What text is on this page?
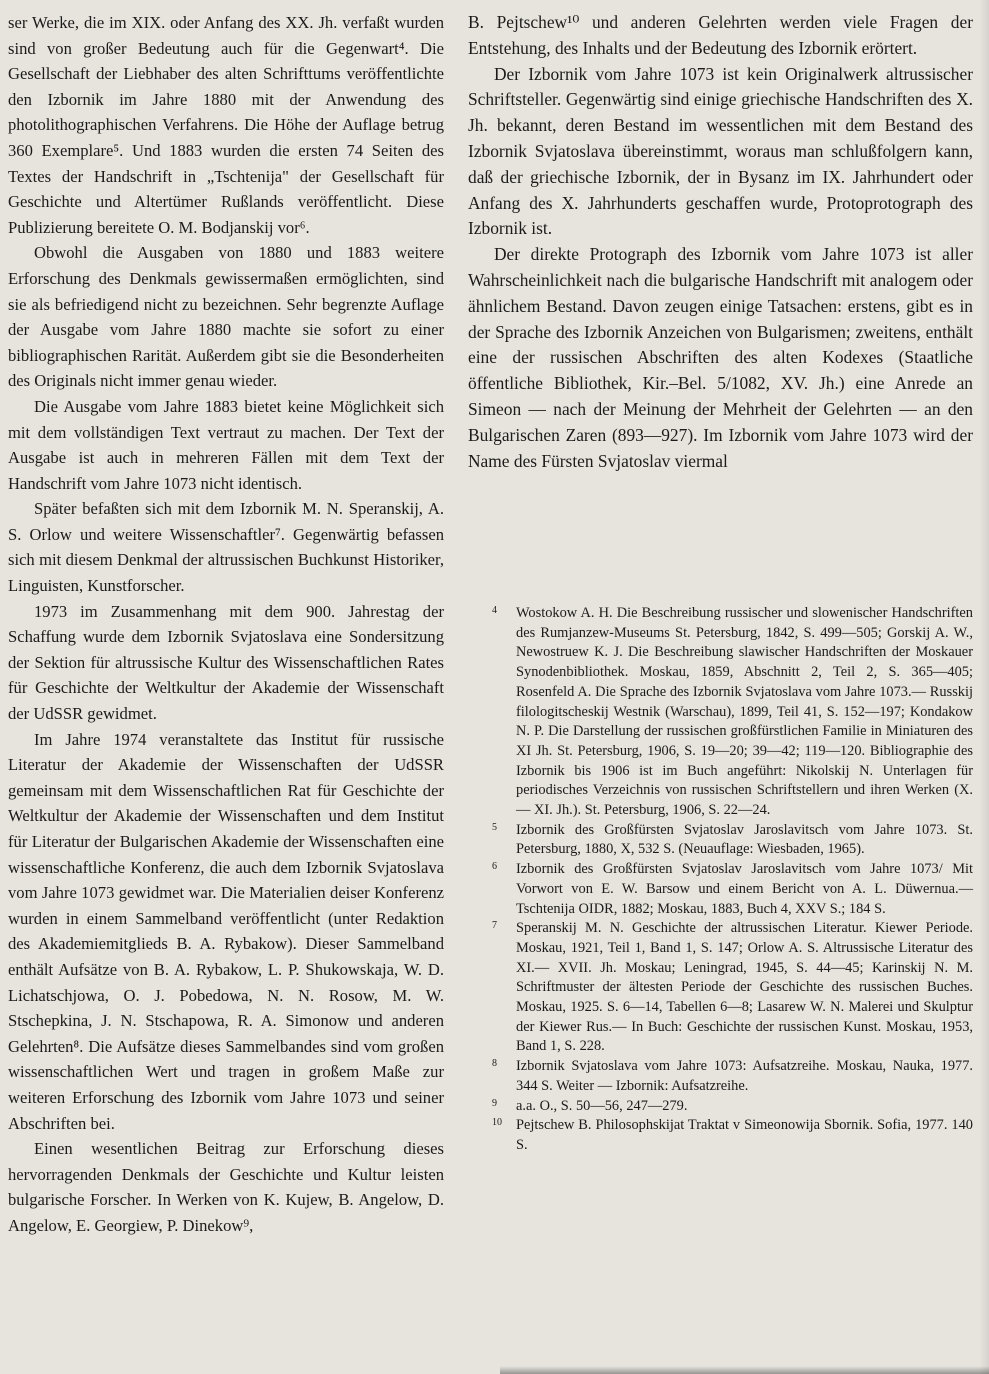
ser Werke, die im XIX. oder Anfang des XX. Jh. verfaßt wurden sind von großer Bedeutung auch für die Gegenwart⁴. Die Gesellschaft der Liebhaber des alten Schrifttums veröffentlichte den Izbornik im Jahre 1880 mit der Anwendung des photolithographischen Verfahrens. Die Höhe der Auflage betrug 360 Exemplare⁵. Und 1883 wurden die ersten 74 Seiten des Textes der Handschrift in „Tschtenija" der Gesellschaft für Geschichte und Altertümer Rußlands veröffentlicht. Diese Publizierung bereitete O. M. Bodjanskij vor⁶.

Obwohl die Ausgaben von 1880 und 1883 weitere Erforschung des Denkmals gewissermaßen ermöglichten, sind sie als befriedigend nicht zu bezeichnen. Sehr begrenzte Auflage der Ausgabe vom Jahre 1880 machte sie sofort zu einer bibliographischen Rarität. Außerdem gibt sie die Besonderheiten des Originals nicht immer genau wieder.

Die Ausgabe vom Jahre 1883 bietet keine Möglichkeit sich mit dem vollständigen Text vertraut zu machen. Der Text der Ausgabe ist auch in mehreren Fällen mit dem Text der Handschrift vom Jahre 1073 nicht identisch.

Später befaßten sich mit dem Izbornik M. N. Speranskij, A. S. Orlow und weitere Wissenschaftler⁷. Gegenwärtig befassen sich mit diesem Denkmal der altrussischen Buchkunst Historiker, Linguisten, Kunstforscher.

1973 im Zusammenhang mit dem 900. Jahrestag der Schaffung wurde dem Izbornik Svjatoslava eine Sondersitzung der Sektion für altrussische Kultur des Wissenschaftlichen Rates für Geschichte der Weltkultur der Akademie der Wissenschaft der UdSSR gewidmet.

Im Jahre 1974 veranstaltete das Institut für russische Literatur der Akademie der Wissenschaften der UdSSR gemeinsam mit dem Wissenschaftlichen Rat für Geschichte der Weltkultur der Akademie der Wissenschaften und dem Institut für Literatur der Bulgarischen Akademie der Wissenschaften eine wissenschaftliche Konferenz, die auch dem Izbornik Svjatoslava vom Jahre 1073 gewidmet war. Die Materialien deiser Konferenz wurden in einem Sammelband veröffentlicht (unter Redaktion des Akademiemitglieds B. A. Rybakow). Dieser Sammelband enthält Aufsätze von B. A. Rybakow, L. P. Shukowskaja, W. D. Lichatschjowa, O. J. Pobedowa, N. N. Rosow, M. W. Stschepkina, J. N. Stschapowa, R. A. Simonow und anderen Gelehrten⁸. Die Aufsätze dieses Sammelbandes sind vom großen wissenschaftlichen Wert und tragen in großem Maße zur weiteren Erforschung des Izbornik vom Jahre 1073 und seiner Abschriften bei.

Einen wesentlichen Beitrag zur Erforschung dieses hervorragenden Denkmals der Geschichte und Kultur leisten bulgarische Forscher. In Werken von K. Kujew, B. Angelow, D. Angelow, E. Georgiew, P. Dinekow⁹,

B. Pejtschew¹⁰ und anderen Gelehrten werden viele Fragen der Entstehung, des Inhalts und der Bedeutung des Izbornik erörtert.

Der Izbornik vom Jahre 1073 ist kein Originalwerk altrussischer Schriftsteller. Gegenwärtig sind einige griechische Handschriften des X. Jh. bekannt, deren Bestand im wessentlichen mit dem Bestand des Izbornik Svjatoslava übereinstimmt, woraus man schlußfolgern kann, daß der griechische Izbornik, der in Bysanz im IX. Jahrhundert oder Anfang des X. Jahrhunderts geschaffen wurde, Protoprotograph des Izbornik ist.

Der direkte Protograph des Izbornik vom Jahre 1073 ist aller Wahrscheinlichkeit nach die bulgarische Handschrift mit analogem oder ähnlichem Bestand. Davon zeugen einige Tatsachen: erstens, gibt es in der Sprache des Izbornik Anzeichen von Bulgarismen; zweitens, enthält eine der russischen Abschriften des alten Kodexes (Staatliche öffentliche Bibliothek, Kir.–Bel. 5/1082, XV. Jh.) eine Anrede an Simeon — nach der Meinung der Mehrheit der Gelehrten — an den Bulgarischen Zaren (893—927). Im Izbornik vom Jahre 1073 wird der Name des Fürsten Svjatoslav viermal

4 Wostokow A. H. Die Beschreibung russischer und slowenischer Handschriften des Rumjanzew-Museums St. Petersburg, 1842, S. 499—505; Gorskij A. W., Newostruew K. J. Die Beschreibung slawischer Handschriften der Moskauer Synodenbibliothek. Moskau, 1859, Abschnitt 2, Teil 2, S. 365—405; Rosenfeld A. Die Sprache des Izbornik Svjatoslava vom Jahre 1073.— Russkij filologitscheskij Westnik (Warschau), 1899, Teil 41, S. 152—197; Kondakow N. P. Die Darstellung der russischen großfürstlichen Familie in Miniaturen des XI Jh. St. Petersburg, 1906, S. 19—20; 39—42; 119—120. Bibliographie des Izbornik bis 1906 ist im Buch angeführt: Nikolskij N. Unterlagen für periodisches Verzeichnis von russischen Schriftstellern und ihren Werken (X.— XI. Jh.). St. Petersburg, 1906, S. 22—24.
5 Izbornik des Großfürsten Svjatoslav Jaroslavitsch vom Jahre 1073. St. Petersburg, 1880, X, 532 S. (Neuauflage: Wiesbaden, 1965).
6 Izbornik des Großfürsten Svjatoslav Jaroslavitsch vom Jahre 1073/ Mit Vorwort von E. W. Barsow und einem Bericht von A. L. Düwernua.— Tschtenija OIDR, 1882; Moskau, 1883, Buch 4, XXV S.; 184 S.
7 Speranskij M. N. Geschichte der altrussischen Literatur. Kiewer Periode. Moskau, 1921, Teil 1, Band 1, S. 147; Orlow A. S. Altrussische Literatur des XI.— XVII. Jh. Moskau; Leningrad, 1945, S. 44—45; Karinskij N. M. Schriftmuster der ältesten Periode der Geschichte des russischen Buches. Moskau, 1925. S. 6—14, Tabellen 6—8; Lasarew W. N. Malerei und Skulptur der Kiewer Rus.— In Buch: Geschichte der russischen Kunst. Moskau, 1953, Band 1, S. 228.
8 Izbornik Svjatoslava vom Jahre 1073: Aufsatzreihe. Moskau, Nauka, 1977. 344 S. Weiter — Izbornik: Aufsatzreihe.
9 a.a. O., S. 50—56, 247—279.
10 Pejtschew B. Philosophskijat Traktat v Simeonowija Sbornik. Sofia, 1977. 140 S.
